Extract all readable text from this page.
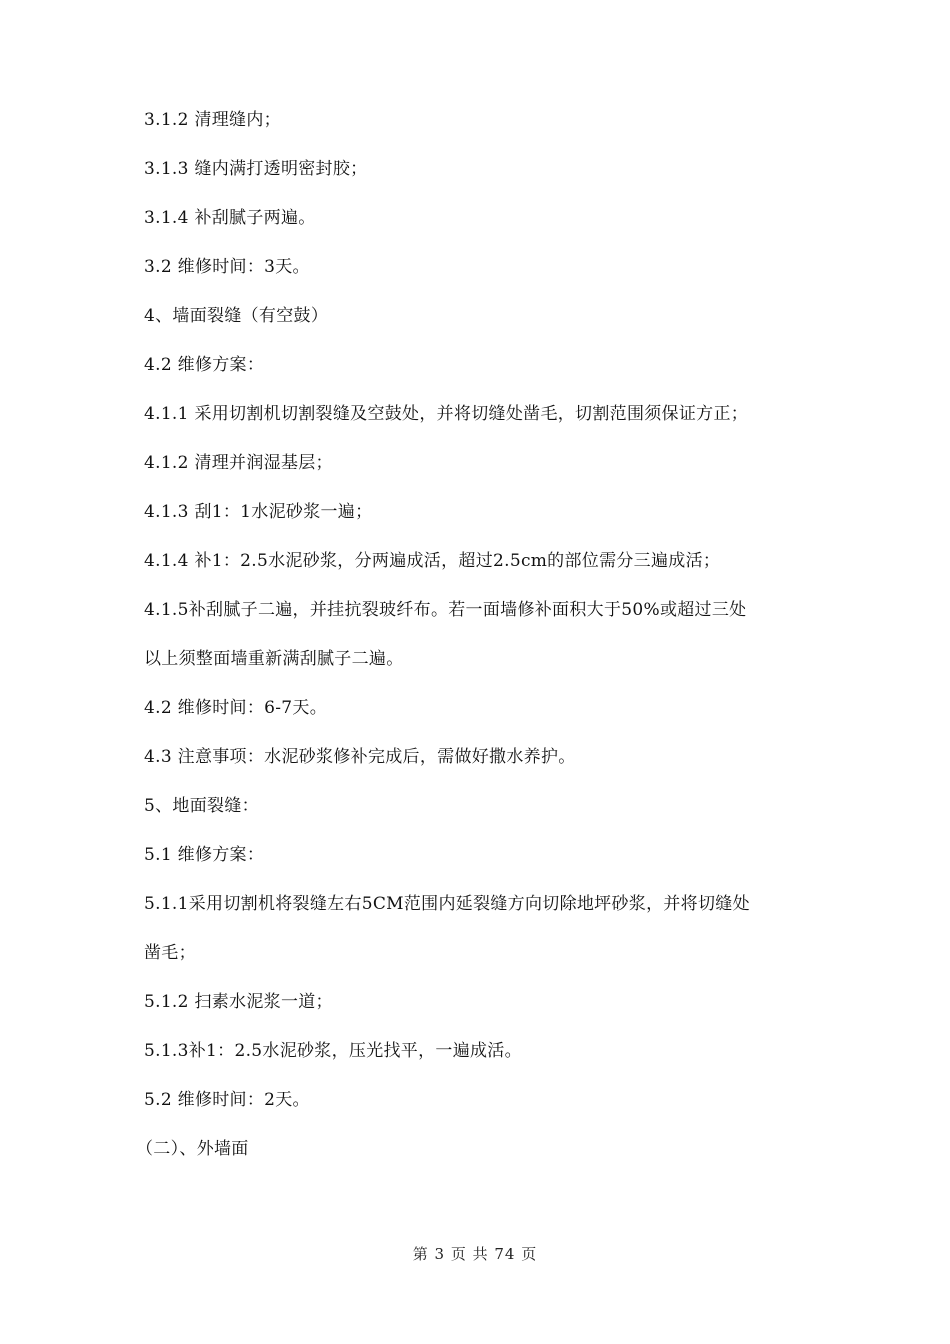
3.1.2 清理缝内；

3.1.3 缝内满打透明密封胶；

3.1.4 补刮腻子两遍。

3.2 维修时间：3天。

4、墙面裂缝（有空鼓）

4.2 维修方案：

4.1.1 采用切割机切割裂缝及空鼓处，并将切缝处凿毛，切割范围须保证方正；

4.1.2 清理并润湿基层；

4.1.3 刮1：1水泥砂浆一遍；

4.1.4 补1：2.5水泥砂浆，分两遍成活，超过2.5cm的部位需分三遍成活；

4.1.5补刮腻子二遍，并挂抗裂玻纤布。若一面墙修补面积大于50%或超过三处

以上须整面墙重新满刮腻子二遍。

4.2 维修时间：6-7天。

4.3 注意事项：水泥砂浆修补完成后，需做好撒水养护。

5、地面裂缝：

5.1 维修方案：

5.1.1采用切割机将裂缝左右5CM范围内延裂缝方向切除地坪砂浆，并将切缝处

凿毛；

5.1.2 扫素水泥浆一道；

5.1.3补1：2.5水泥砂浆，压光找平，一遍成活。

5.2 维修时间：2天。

（二）、外墙面

第 3 页 共 74 页
